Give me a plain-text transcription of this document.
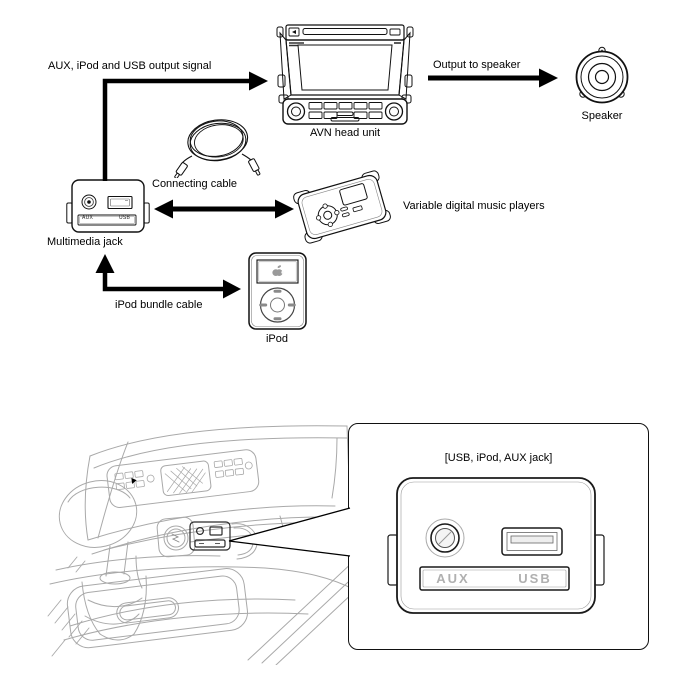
AUX, iPod and USB output signal	Output to speaker
AVN head unit
Speaker
Connecting cable
Multimedia jack
Variable digital music players
iPod bundle cable
iPod
AUX	USB
[USB, iPod, AUX jack]
AUX	USB
